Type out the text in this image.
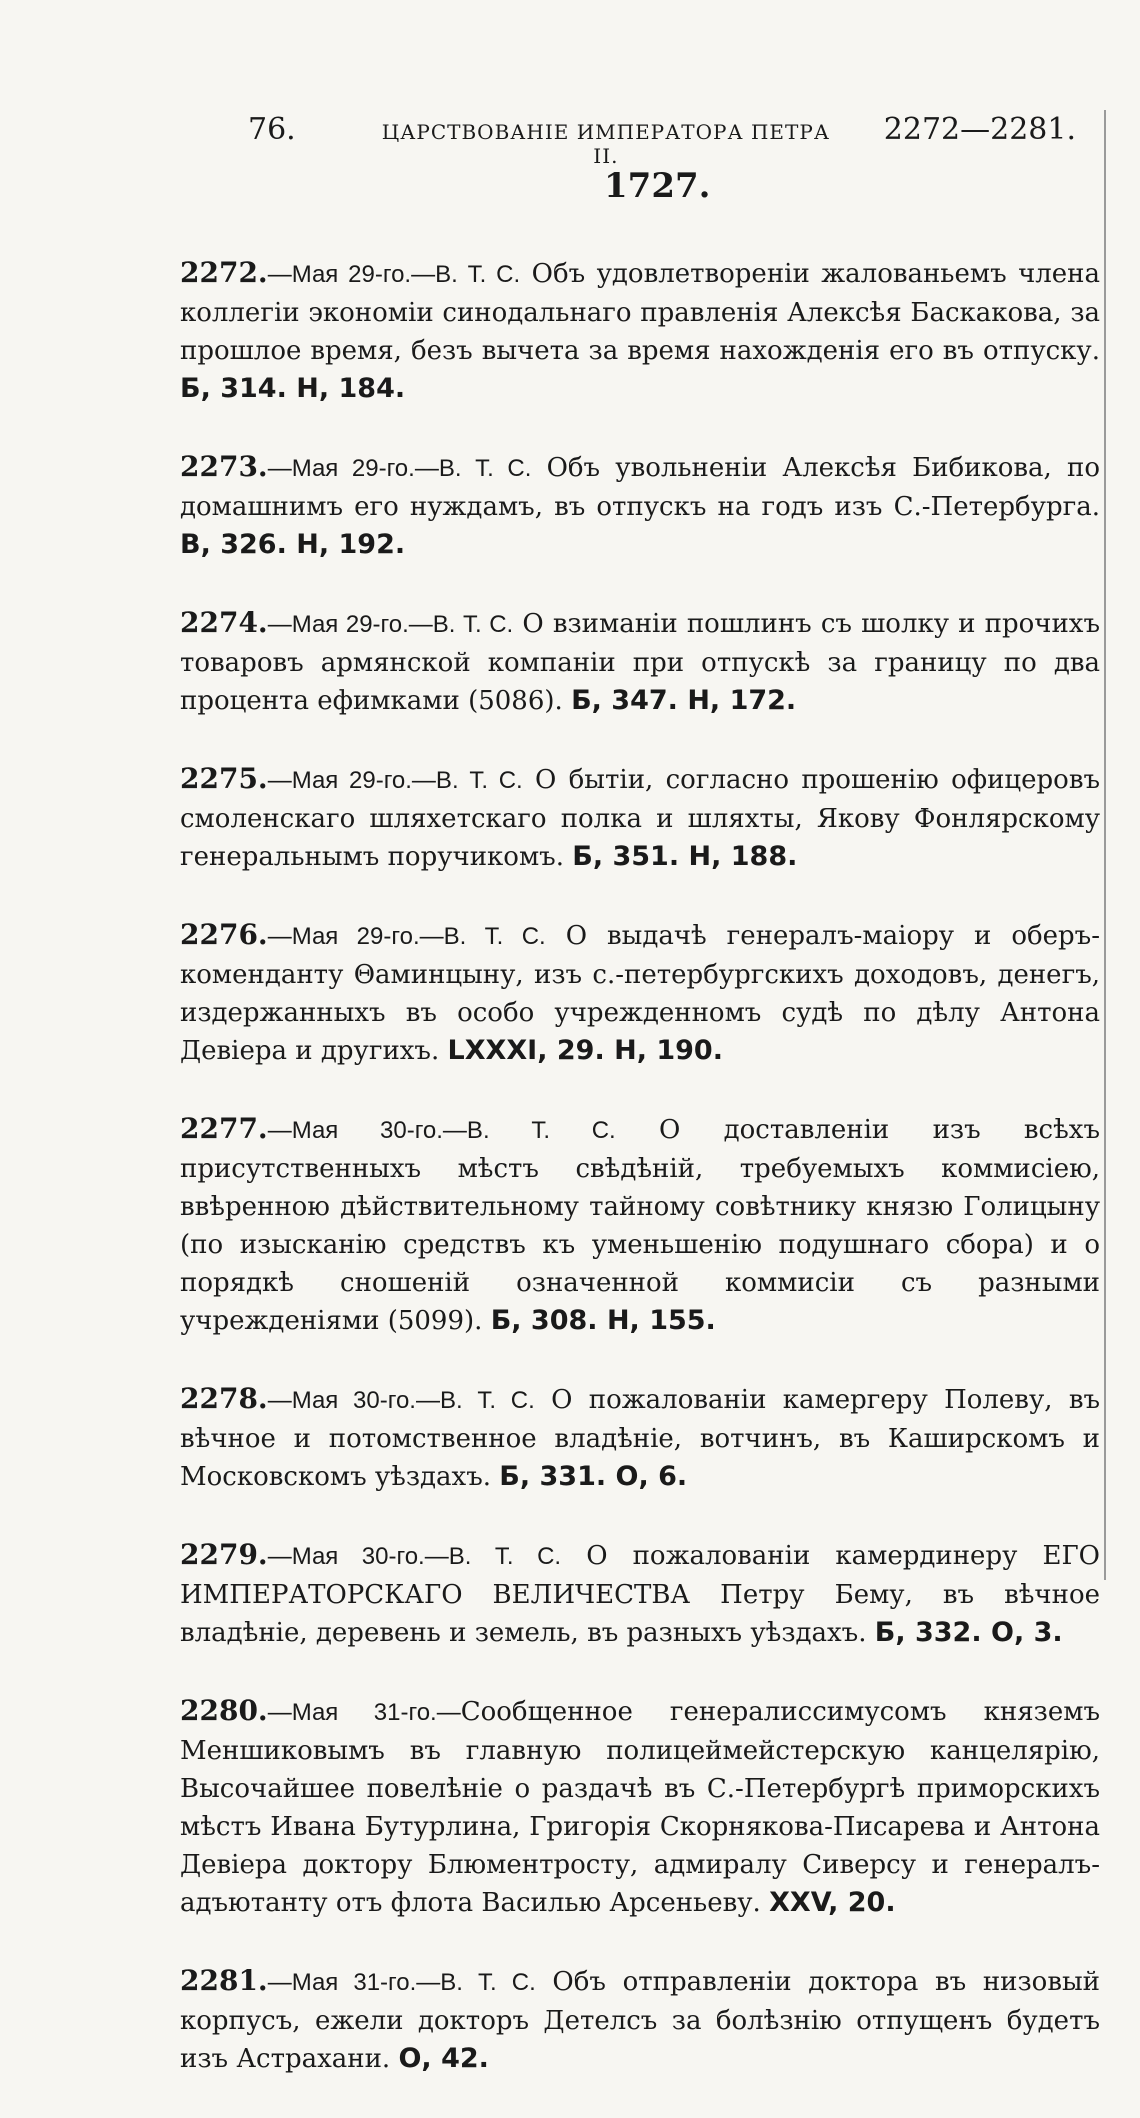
76.	ЦАРСТВОВАНIЕ ИМПЕРАТОРА ПЕТРА II.
2272—2281.
1727.

2272.—Мая 29-го.—В. Т. С. Объ удовлетворенiи жалованьемъ члена коллегiи экономiи синодальнаго правленiя Алексѣя Баскакова, за прошлое время, безъ вычета за время нахожденiя его въ отпуску. Б, 314. Н, 184.

2273.—Мая 29-го.—В. Т. С. Объ увольненiи Алексѣя Бибикова, по домашнимъ его нуждамъ, въ отпускъ на годъ изъ С.-Петербурга. В, 326. Н, 192.

2274.—Мая 29-го.—В. Т. С. О взиманiи пошлинъ съ шолку и прочихъ товаровъ армянской компанiи при отпускѣ за границу по два процента ефимками (5086). Б, 347. Н, 172.

2275.—Мая 29-го.—В. Т. С. О бытiи, согласно прошенiю офицеровъ смоленскаго шляхетскаго полка и шляхты, Якову Фонлярскому генеральнымъ поручикомъ. Б, 351. Н, 188.

2276.—Мая 29-го.—В. Т. С. О выдачѣ генералъ-маiору и оберъ-коменданту Θаминцыну, изъ с.-петербургскихъ доходовъ, денегъ, издержанныхъ въ особо учрежденномъ судѣ по дѣлу Антона Девiера и другихъ. LXXXI, 29. Н, 190.

2277.—Мая 30-го.—В. Т. С. О доставленiи изъ всѣхъ присутственныхъ мѣстъ свѣдѣнiй, требуемыхъ коммисiею, ввѣренною дѣйствительному тайному совѣтнику князю Голицыну (по изысканiю средствъ къ уменьшенiю подушнаго сбора) и о порядкѣ сношенiй означенной коммисiи съ разными учрежденiями (5099). Б, 308. Н, 155.

2278.—Мая 30-го.—В. Т. С. О пожалованiи камергеру Полеву, въ вѣчное и потомственное владѣнiе, вотчинъ, въ Каширскомъ и Московскомъ уѣздахъ. Б, 331. О, 6.

2279.—Мая 30-го.—В. Т. С. О пожалованiи камердинеру ЕГО ИМПЕРАТОРСКАГО ВЕЛИЧЕСТВА Петру Бему, въ вѣчное владѣнiе, деревень и земель, въ разныхъ уѣздахъ. Б, 332. О, 3.

2280.—Мая 31-го.—Сообщенное генералиссимусомъ княземъ Меншиковымъ въ главную полицеймейстерскую канцелярiю, Высочайшее повелѣнiе о раздачѣ въ С.-Петербургѣ приморскихъ мѣстъ Ивана Бутурлина, Григорiя Скорнякова-Писарева и Антона Девiера доктору Блюментросту, адмиралу Сиверсу и генералъ-адъютанту отъ флота Василью Арсеньеву. XXV, 20.

2281.—Мая 31-го.—В. Т. С. Объ отправленiи доктора въ низовый корпусъ, ежели докторъ Детелсъ за болѣзнiю отпущенъ будетъ изъ Астрахани. О, 42.
